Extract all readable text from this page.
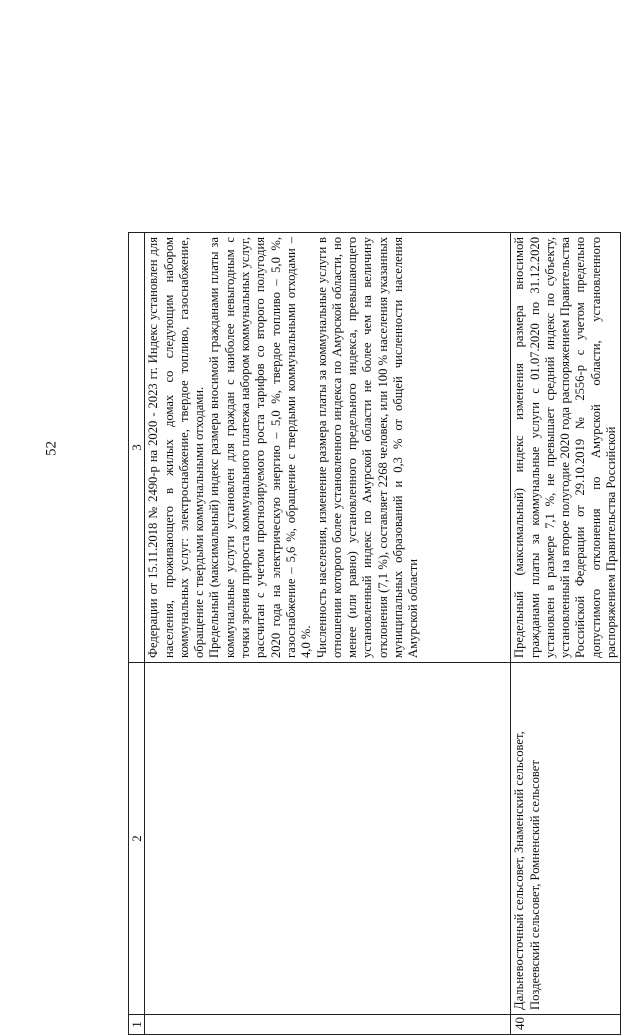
52
1	2	3

		Федерации от 15.11.2018 № 2490-р на 2020 - 2023 гг. Индекс установлен для населения, проживающего в жилых домах со следующим набором коммунальных услуг: электроснабжение, твердое топливо, газоснабжение, обращение с твердыми коммунальными отходами. Предельный (максимальный) индекс размера вносимой гражданами платы за коммунальные услуги установлен для граждан с наиболее невыгодным с точки зрения прироста коммунального платежа набором коммунальных услуг, рассчитан с учетом прогнозируемого роста тарифов со второго полугодия 2020 года на электрическую энергию – 5,0 %, твердое топливо – 5,0 %, газоснабжение – 5,6 %, обращение с твердыми коммунальными отходами – 4,0 %. Численность населения, изменение размера платы за коммунальные услуги в отношении которого более установленного индекса по Амурской области, но менее (или равно) установленного предельного индекса, превышающего установленный индекс по Амурской области не более чем на величину отклонения (7,1 %), составляет 2268 человек, или 100 % населения указанных муниципальных образований и 0,3 % от общей численности населения Амурской области

40	Дальневосточный сельсовет, Знаменский сельсовет, Поздеевский сельсовет, Ромненский сельсовет	Предельный (максимальный) индекс изменения размера вносимой гражданами платы за коммунальные услуги с 01.07.2020 по 31.12.2020 установлен в размере 7,1 %, не превышает средний индекс по субъекту, установленный на второе полугодие 2020 года распоряжением Правительства Российской Федерации от 29.10.2019 № 2556-р с учетом предельно допустимого отклонения по Амурской области, установленного распоряжением Правительства Российской
